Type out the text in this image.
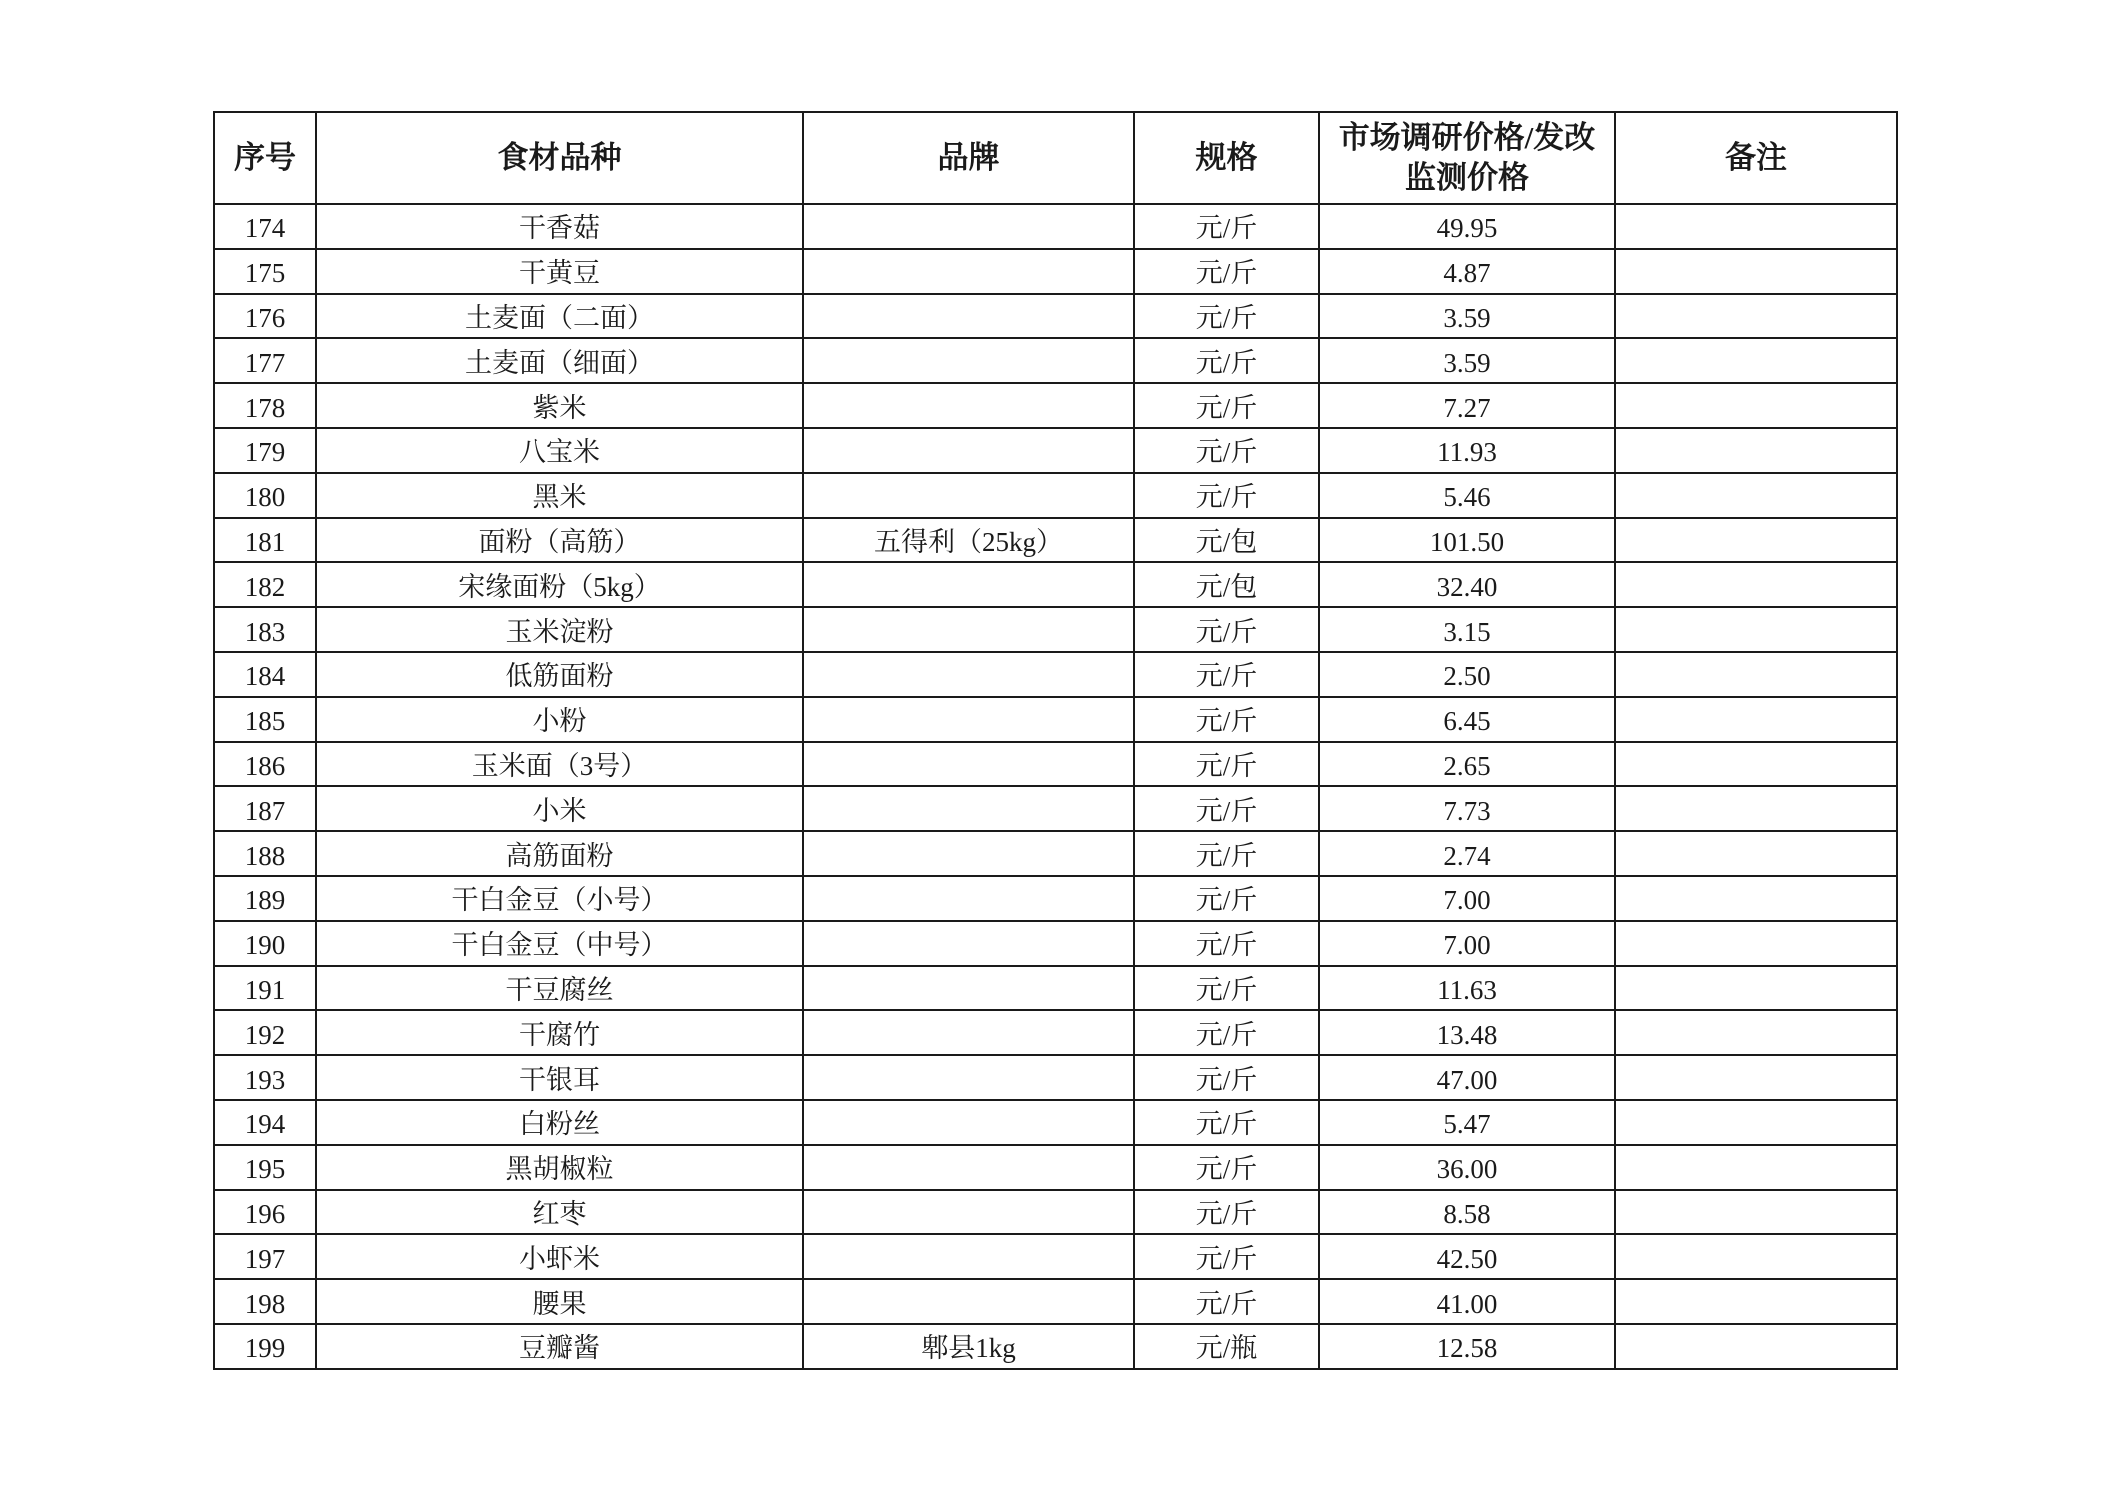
序号	食材品种	品牌	规格	市场调研价格/发改监测价格	备注
174	干香菇		元/斤	49.95	
175	干黄豆		元/斤	4.87	
176	土麦面（二面）		元/斤	3.59	
177	土麦面（细面）		元/斤	3.59	
178	紫米		元/斤	7.27	
179	八宝米		元/斤	11.93	
180	黑米		元/斤	5.46	
181	面粉（高筋）	五得利（25kg）	元/包	101.50	
182	宋缘面粉（5kg）		元/包	32.40	
183	玉米淀粉		元/斤	3.15	
184	低筋面粉		元/斤	2.50	
185	小粉		元/斤	6.45	
186	玉米面（3号）		元/斤	2.65	
187	小米		元/斤	7.73	
188	高筋面粉		元/斤	2.74	
189	干白金豆（小号）		元/斤	7.00	
190	干白金豆（中号）		元/斤	7.00	
191	干豆腐丝		元/斤	11.63	
192	干腐竹		元/斤	13.48	
193	干银耳		元/斤	47.00	
194	白粉丝		元/斤	5.47	
195	黑胡椒粒		元/斤	36.00	
196	红枣		元/斤	8.58	
197	小虾米		元/斤	42.50	
198	腰果		元/斤	41.00	
199	豆瓣酱	郫县1kg	元/瓶	12.58	
